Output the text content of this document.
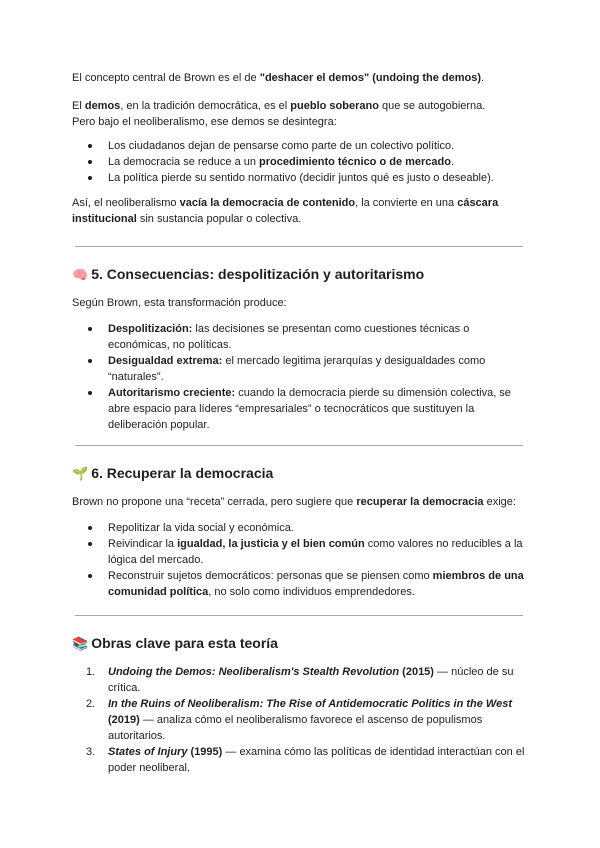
El concepto central de Brown es el de "deshacer el demos" (undoing the demos).

El demos, en la tradición democrática, es el pueblo soberano que se autogobierna.
Pero bajo el neoliberalismo, ese demos se desintegra:

Los ciudadanos dejan de pensarse como parte de un colectivo político.
La democracia se reduce a un procedimiento técnico o de mercado.
La política pierde su sentido normativo (decidir juntos qué es justo o deseable).

Así, el neoliberalismo vacía la democracia de contenido, la convierte en una cáscara institucional sin sustancia popular o colectiva.

🧠 5. Consecuencias: despolitización y autoritarismo

Según Brown, esta transformación produce:

Despolitización: las decisiones se presentan como cuestiones técnicas o económicas, no políticas.
Desigualdad extrema: el mercado legitima jerarquías y desigualdades como “naturales”.
Autoritarismo creciente: cuando la democracia pierde su dimensión colectiva, se abre espacio para líderes “empresariales” o tecnocráticos que sustituyen la deliberación popular.
🌱 6. Recuperar la democracia

Brown no propone una “receta” cerrada, pero sugiere que recuperar la democracia exige:

Repolitizar la vida social y económica.
Reivindicar la igualdad, la justicia y el bien común como valores no reducibles a la lógica del mercado.
Reconstruir sujetos democráticos: personas que se piensen como miembros de una comunidad política, no solo como individuos emprendedores.
📚 Obras clave para esta teoría
1. Undoing the Demos: Neoliberalism's Stealth Revolution (2015) — núcleo de su crítica.
2. In the Ruins of Neoliberalism: The Rise of Antidemocratic Politics in the West (2019) — analiza cómo el neoliberalismo favorece el ascenso de populismos autoritarios.
3. States of Injury (1995) — examina cómo las políticas de identidad interactúan con el poder neoliberal.
